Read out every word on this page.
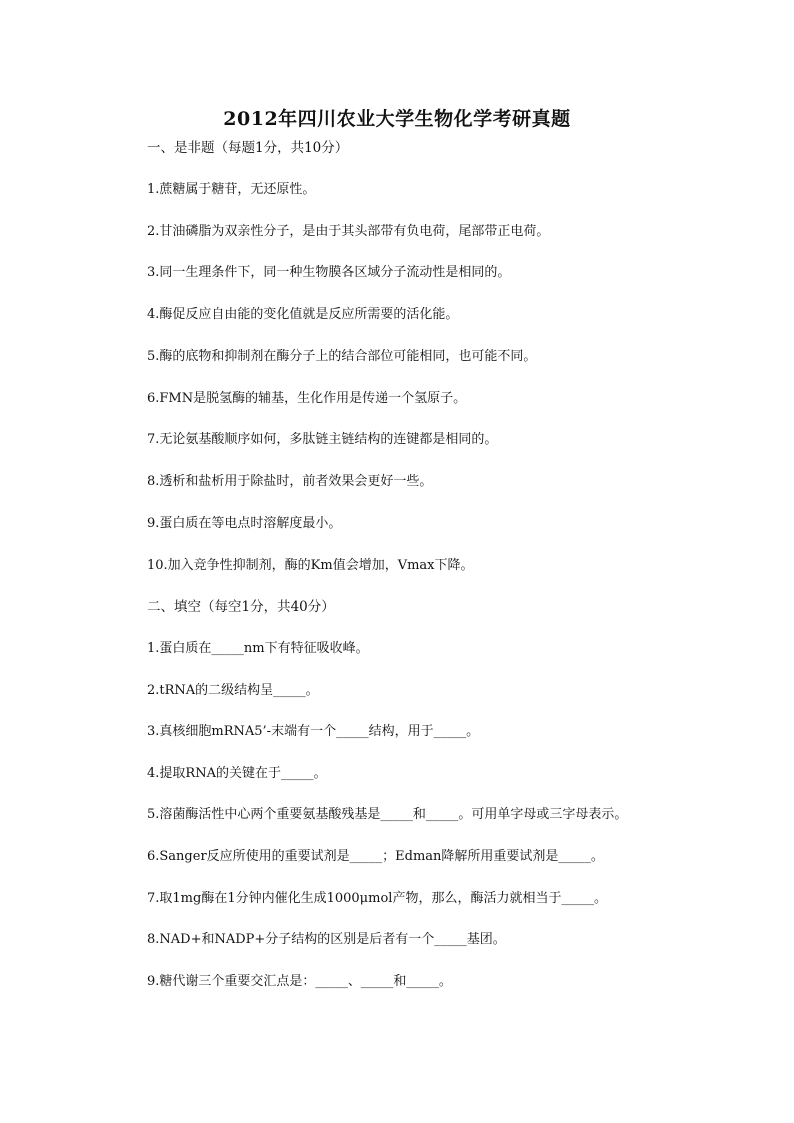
2012年四川农业大学生物化学考研真题
一、是非题（每题1分，共10分）
1.蔗糖属于糖苷，无还原性。
2.甘油磷脂为双亲性分子，是由于其头部带有负电荷，尾部带正电荷。
3.同一生理条件下，同一种生物膜各区域分子流动性是相同的。
4.酶促反应自由能的变化值就是反应所需要的活化能。
5.酶的底物和抑制剂在酶分子上的结合部位可能相同，也可能不同。
6.FMN是脱氢酶的辅基，生化作用是传递一个氢原子。
7.无论氨基酸顺序如何，多肽链主链结构的连键都是相同的。
8.透析和盐析用于除盐时，前者效果会更好一些。
9.蛋白质在等电点时溶解度最小。
10.加入竞争性抑制剂，酶的Km值会增加，Vmax下降。
二、填空（每空1分，共40分）
1.蛋白质在_____nm下有特征吸收峰。
2.tRNA的二级结构呈_____。
3.真核细胞mRNA5’-末端有一个_____结构，用于_____。
4.提取RNA的关键在于_____。
5.溶菌酶活性中心两个重要氨基酸残基是_____和_____。可用单字母或三字母表示。
6.Sanger反应所使用的重要试剂是_____；Edman降解所用重要试剂是_____。
7.取1mg酶在1分钟内催化生成1000μmol产物，那么，酶活力就相当于_____。
8.NAD+和NADP+分子结构的区别是后者有一个_____基团。
9.糖代谢三个重要交汇点是：_____、_____和_____。
